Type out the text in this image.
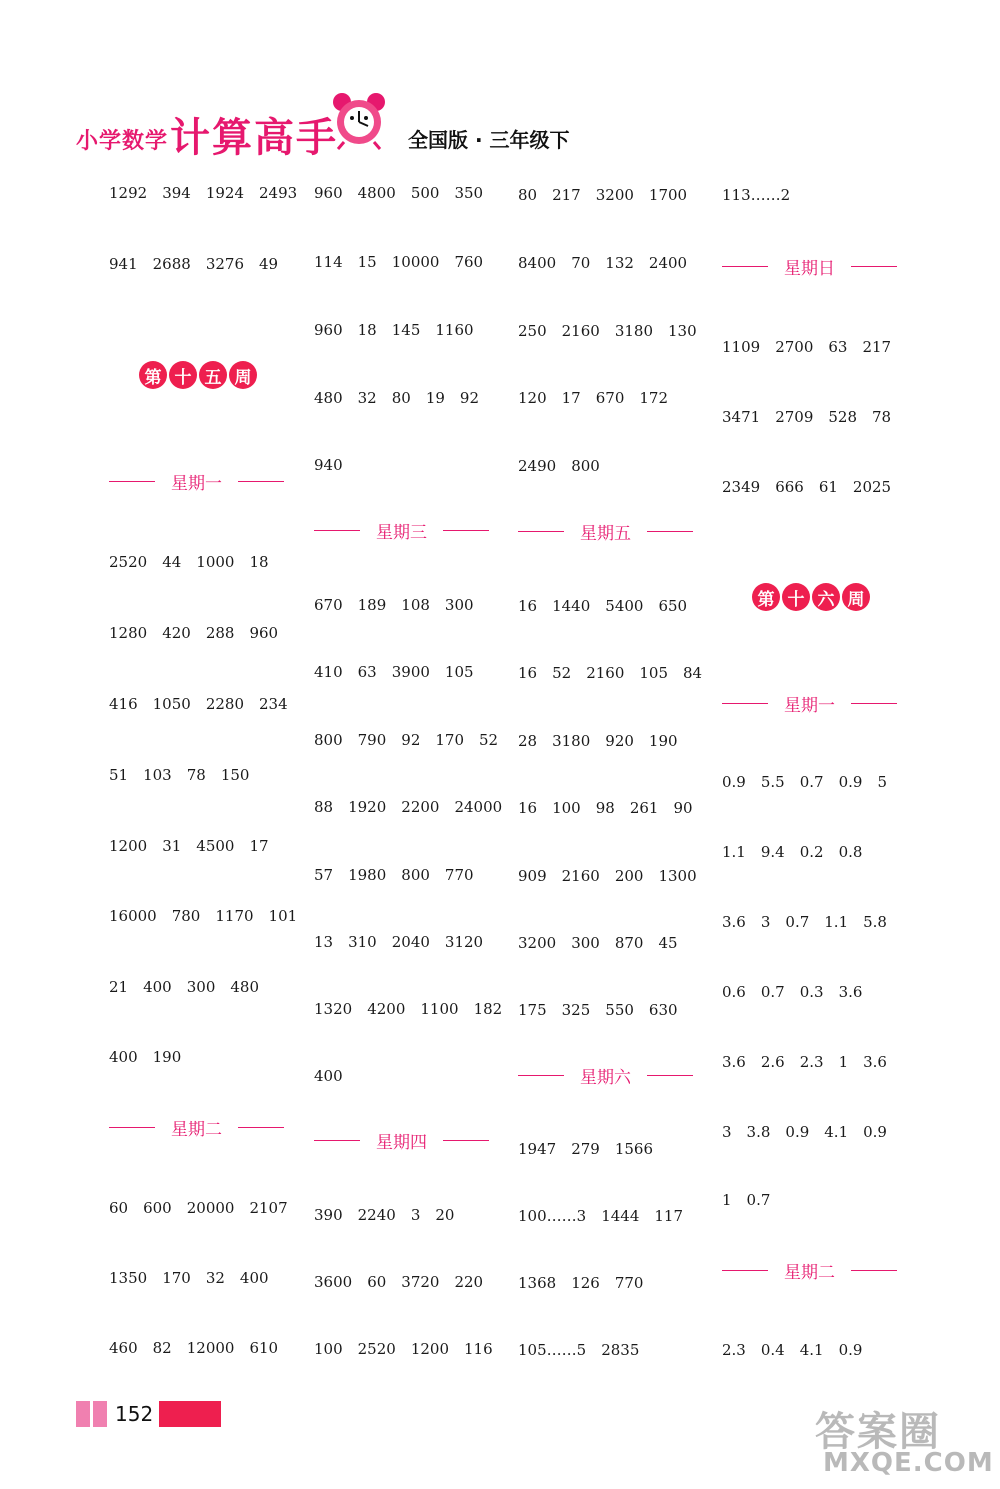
小学数学 计算高手	全国版 · 三年级下
1292 394 1924 2493
941 2688 3276 49
第 十 五 周
星期一
2520 44 1000 18
1280 420 288 960
416 1050 2280 234
51 103 78 150
1200 31 4500 17
16000 780 1170 101
21 400 300 480
400 190
星期二
60 600 20000 2107
1350 170 32 400
460 82 12000 610
960 4800 500 350
114 15 10000 760
960 18 145 1160
480 32 80 19 92
940
星期三
670 189 108 300
410 63 3900 105
800 790 92 170 52
88 1920 2200 24000
57 1980 800 770
13 310 2040 3120
1320 4200 1100 182
400
星期四
390 2240 3 20
3600 60 3720 220
100 2520 1200 116
80 217 3200 1700
8400 70 132 2400
250 2160 3180 130
120 17 670 172
2490 800
星期五
16 1440 5400 650
16 52 2160 105 84
28 3180 920 190
16 100 98 261 90
909 2160 200 1300
3200 300 870 45
175 325 550 630
星期六
1947 279 1566
100……3 1444 117
1368 126 770
105……5 2835
113……2
星期日
1109 2700 63 217
3471 2709 528 78
2349 666 61 2025
第 十 六 周
星期一
0.9 5.5 0.7 0.9 5
1.1 9.4 0.2 0.8
3.6 3 0.7 1.1 5.8
0.6 0.7 0.3 3.6
3.6 2.6 2.3 1 3.6
3 3.8 0.9 4.1 0.9
1 0.7
星期二
2.3 0.4 4.1 0.9
152	答案圈
MXQE.COM
